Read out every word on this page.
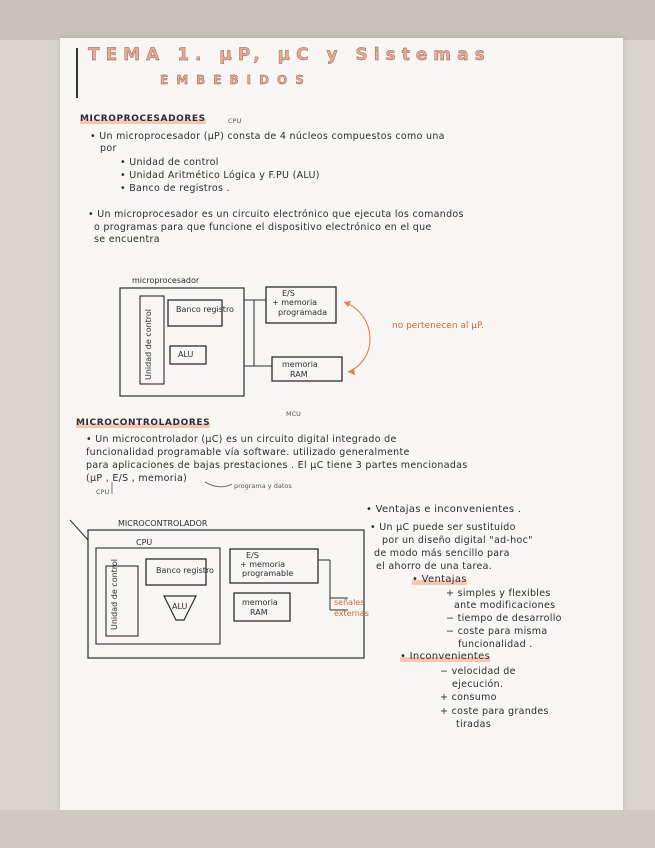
TEMA 1. μP, μC y Sistemas
EMBEBIDOS
MICROPROCESADORES	CPU
• Un microprocesador (μP) consta de 4 núcleos compuestos como una
por
• Unidad de control
• Unidad Aritmético Lógica y F.PU (ALU)
• Banco de registros .
• Un microprocesador es un circuito electrónico que ejecuta los comandos
o programas para que funcione el dispositivo electrónico en el que
se encuentra
microprocesador
Unidad de control	Banco registro
ALU
E/S
+ memoria
programada
memoria
RAM
no pertenecen al μP.
MICROCONTROLADORES
MCU
• Un microcontrolador (μC) es un circuito digital integrado de
funcionalidad programable vía software. utilizado generalmente
para aplicaciones de bajas prestaciones . El μC tiene 3 partes mencionadas
(μP , E/S , memoria)
CPU
programa y datos
MICROCONTROLADOR
CPU
Unidad de control	Banco registro
ALU
E/S
+ memoria
programable
memoria
RAM
señales
externas
• Ventajas e inconvenientes .
• Un μC puede ser sustituido
por un diseño digital "ad-hoc"
de modo más sencillo para
el ahorro de una tarea.
• Ventajas
+ simples y flexibles
ante modificaciones
− tiempo de desarrollo
− coste para misma
funcionalidad .
• Inconvenientes
− velocidad de
ejecución.
+ consumo
+ coste para grandes
tiradas
